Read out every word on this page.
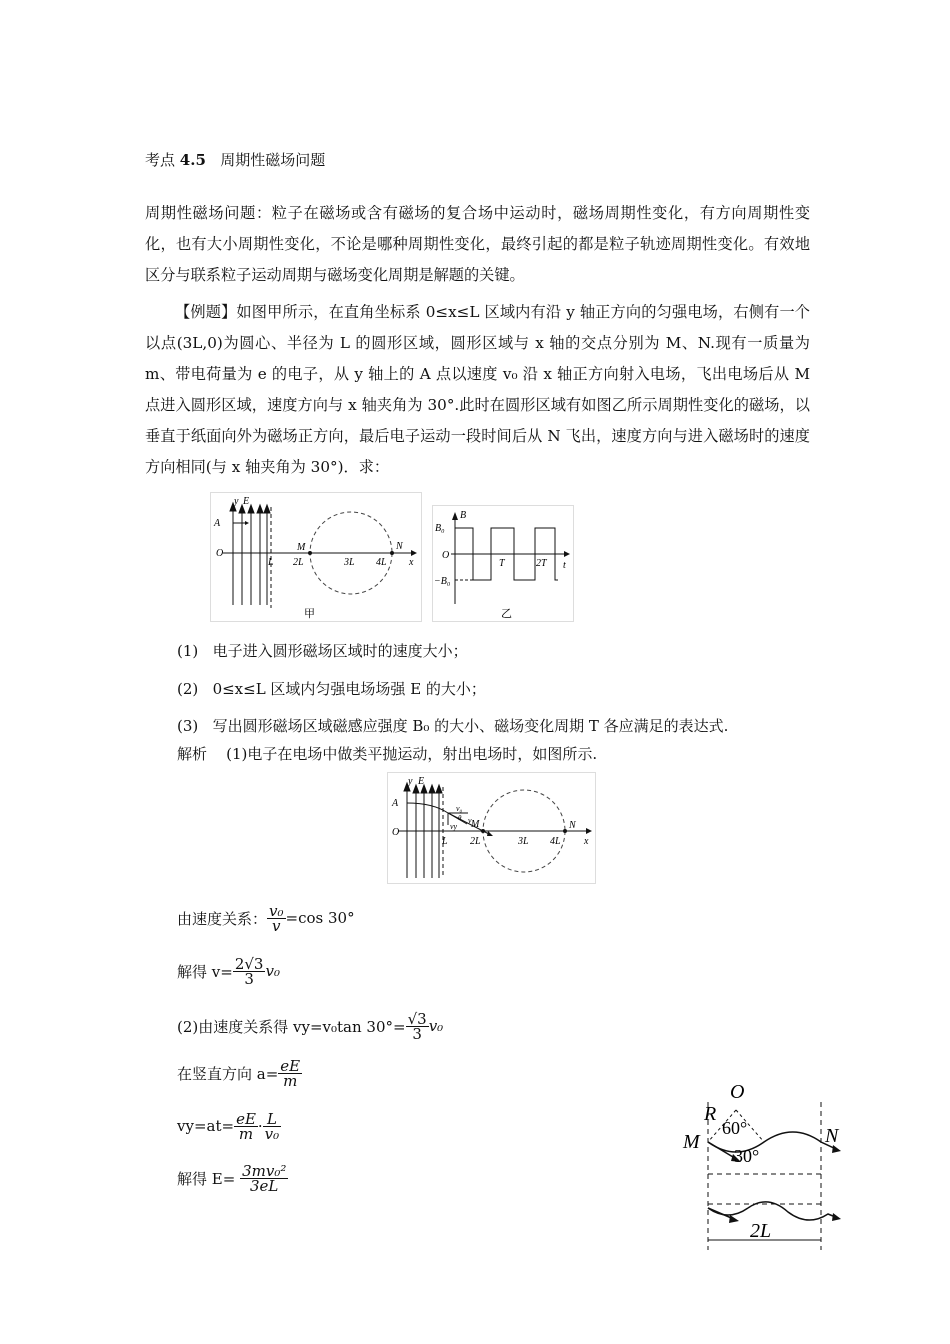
考点 4.5 周期性磁场问题
周期性磁场问题：粒子在磁场或含有磁场的复合场中运动时，磁场周期性变化，有方向周期性变化，也有大小周期性变化，不论是哪种周期性变化，最终引起的都是粒子轨迹周期性变化。有效地区分与联系粒子运动周期与磁场变化周期是解题的关键。
【例题】如图甲所示，在直角坐标系 0≤x≤L 区域内有沿 y 轴正方向的匀强电场，右侧有一个以点(3L,0)为圆心、半径为 L 的圆形区域，圆形区域与 x 轴的交点分别为 M、N.现有一质量为 m、带电荷量为 e 的电子，从 y 轴上的 A 点以速度 v₀ 沿 x 轴正方向射入电场，飞出电场后从 M 点进入圆形区域，速度方向与 x 轴夹角为 30°.此时在圆形区域有如图乙所示周期性变化的磁场，以垂直于纸面向外为磁场正方向，最后电子运动一段时间后从 N 飞出，速度方向与进入磁场时的速度方向相同(与 x 轴夹角为 30°)．求：
y E
A
O
L
M	N
2L	3L 4L x
甲
B
B₀
O
−B₀
T	2T t
乙
(1) 电子进入圆形磁场区域时的速度大小；
(2) 0≤x≤L 区域内匀强电场场强 E 的大小；
(3) 写出圆形磁场区域磁感应强度 B₀ 的大小、磁场变化周期 T 各应满足的表达式.
解析 (1)电子在电场中做类平抛运动，射出电场时，如图所示.
y E
A
O
v₀
v
vy
θ
M	N
L 2L	3L 4L x
由速度关系： $\frac{\text{v₀}}{v} =\cos$ 30°
解得 $v= \frac{2√3}{3} v_0$
(2)由速度关系得 vy=v₀tan $30^\circ= \frac{√3}{3} v_0$
在竖直方向 $a= \frac{eE}{m}$
$vy=at= \frac{eE}{m} \cdot \frac{L}{\text{v₀}}$
解得 E=
$\frac{\text{3mv₀²}}{3eL}$
O
R
60°
M	N
30°
2L
